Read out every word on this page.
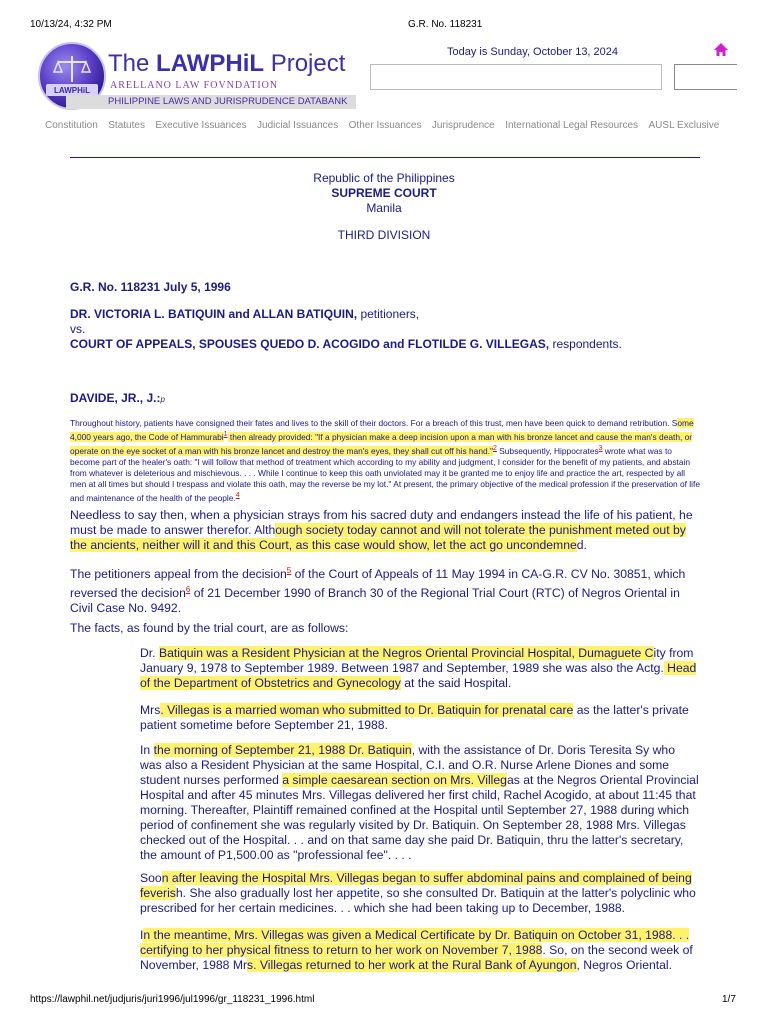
10/13/24, 4:32 PM	G.R. No. 118231
LAWPHiL
The LAWPHiL Project
ARELLANO LAW FOVNDATION
PHILIPPINE LAWS AND JURISPRUDENCE DATABANK
Today is Sunday, October 13, 2024
Constitution Statutes Executive Issuances Judicial Issuances Other Issuances Jurisprudence International Legal Resources AUSL Exclusive
Republic of the Philippines
SUPREME COURT
Manila
THIRD DIVISION
G.R. No. 118231 July 5, 1996
DR. VICTORIA L. BATIQUIN and ALLAN BATIQUIN, petitioners,
vs.
COURT OF APPEALS, SPOUSES QUEDO D. ACOGIDO and FLOTILDE G. VILLEGAS, respondents.
DAVIDE, JR., J.:p
Throughout history, patients have consigned their fates and lives to the skill of their doctors. For a breach of this trust, men have been quick to demand retribution. Some 4,000 years ago, the Code of Hammurabi$^1$ then already provided: "If a physician make a deep incision upon a man with his bronze lancet and cause the man's death, or operate on the eye socket of a man with his bronze lancet and destroy the man's eyes, they shall cut off his hand."$^2$ Subsequently, Hippocrates$^3$ wrote what was to become part of the healer's oath: "I will follow that method of treatment which according to my ability and judgment, I consider for the benefit of my patients, and abstain from whatever is deleterious and mischievous. . . . While I continue to keep this oath unviolated may it be granted me to enjoy life and practice the art, respected by all men at all times but should I trespass and violate this oath, may the reverse be my lot." At present, the primary objective of the medical profession if the preservation of life and maintenance of the health of the people.$^4$
Needless to say then, when a physician strays from his sacred duty and endangers instead the life of his patient, he must be made to answer therefor. Although society today cannot and will not tolerate the punishment meted out by the ancients, neither will it and this Court, as this case would show, let the act go uncondemned.
The petitioners appeal from the decision$^5$ of the Court of Appeals of 11 May 1994 in CA-G.R. CV No. 30851, which reversed the decision$^6$ of 21 December 1990 of Branch 30 of the Regional Trial Court (RTC) of Negros Oriental in Civil Case No. 9492.
The facts, as found by the trial court, are as follows:
Dr. Batiquin was a Resident Physician at the Negros Oriental Provincial Hospital, Dumaguete City from January 9, 1978 to September 1989. Between 1987 and September, 1989 she was also the Actg. Head of the Department of Obstetrics and Gynecology at the said Hospital.
Mrs. Villegas is a married woman who submitted to Dr. Batiquin for prenatal care as the latter's private patient sometime before September 21, 1988.
In the morning of September 21, 1988 Dr. Batiquin, with the assistance of Dr. Doris Teresita Sy who was also a Resident Physician at the same Hospital, C.I. and O.R. Nurse Arlene Diones and some student nurses performed a simple caesarean section on Mrs. Villegas at the Negros Oriental Provincial Hospital and after 45 minutes Mrs. Villegas delivered her first child, Rachel Acogido, at about 11:45 that morning. Thereafter, Plaintiff remained confined at the Hospital until September 27, 1988 during which period of confinement she was regularly visited by Dr. Batiquin. On September 28, 1988 Mrs. Villegas checked out of the Hospital. . . and on that same day she paid Dr. Batiquin, thru the latter's secretary, the amount of P1,500.00 as "professional fee". . . .
Soon after leaving the Hospital Mrs. Villegas began to suffer abdominal pains and complained of being feverish. She also gradually lost her appetite, so she consulted Dr. Batiquin at the latter's polyclinic who prescribed for her certain medicines. . . which she had been taking up to December, 1988.
In the meantime, Mrs. Villegas was given a Medical Certificate by Dr. Batiquin on October 31, 1988. . . certifying to her physical fitness to return to her work on November 7, 1988. So, on the second week of November, 1988 Mrs. Villegas returned to her work at the Rural Bank of Ayungon, Negros Oriental.
https://lawphil.net/judjuris/juri1996/jul1996/gr_118231_1996.html	1/7
